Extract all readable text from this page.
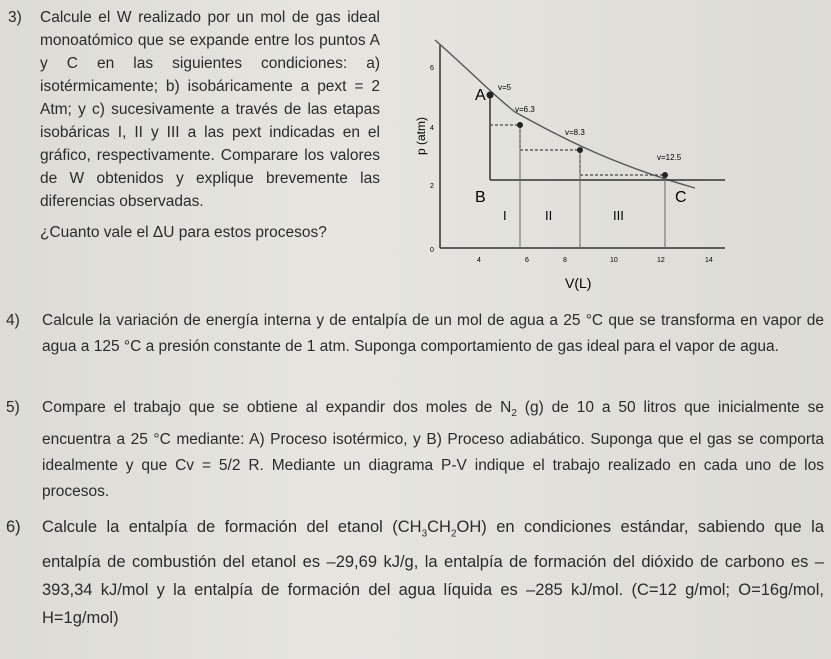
3) Calcule el W realizado por un mol de gas ideal monoatómico que se expande entre los puntos A y C en las siguientes condiciones: a) isotérmicamente; b) isobáricamente a pext = 2 Atm; y c) sucesivamente a través de las etapas isobáricas I, II y III a las pext indicadas en el gráfico, respectivamente. Comparare los valores de W obtenidos y explique brevemente las diferencias observadas.
¿Cuanto vale el ΔU para estos procesos?
A
B	C
I	II	III
v=5
v=6.3
v=8.3
v=12.5
p (atm)
V(L)
4	6	8	10	12	14
6
4
2
0
4) Calcule la variación de energía interna y de entalpía de un mol de agua a 25 °C que se transforma en vapor de agua a 125 °C a presión constante de 1 atm. Suponga comportamiento de gas ideal para el vapor de agua.
5) Compare el trabajo que se obtiene al expandir dos moles de $N_2$ (g) de 10 a 50 litros que inicialmente se encuentra a 25 °C mediante: A) Proceso isotérmico, y B) Proceso adiabático. Suponga que el gas se comporta idealmente y que Cv = 5/2 R. Mediante un diagrama P-V indique el trabajo realizado en cada uno de los procesos.
6) Calcule la entalpía de formación del etanol $(CH_3CH_2OH)$ en condiciones estándar, sabiendo que la entalpía de combustión del etanol es –29,69 kJ/g, la entalpía de formación del dióxido de carbono es –393,34 kJ/mol y la entalpía de formación del agua líquida es –285 kJ/mol. (C=12 g/mol; O=16g/mol, H=1g/mol)
